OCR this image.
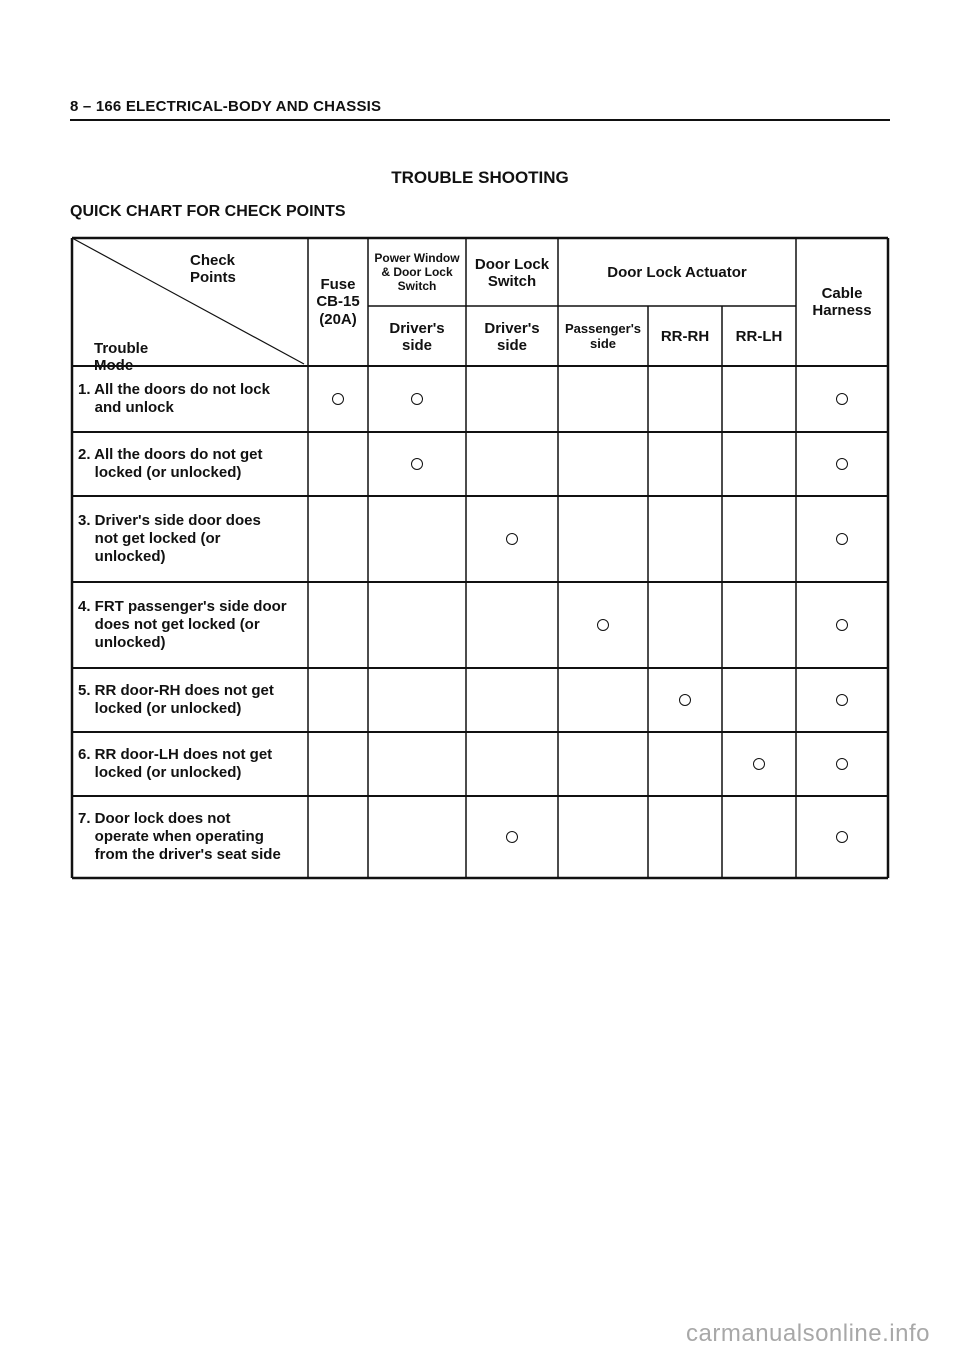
8 – 166 ELECTRICAL-BODY AND CHASSIS
TROUBLE SHOOTING
QUICK CHART FOR CHECK POINTS
Check Points
Trouble Mode
Fuse
CB-15
(20A)
Power Window
& Door Lock
Switch
Driver's
side
Door Lock
Switch
Driver's
side
Door Lock Actuator
Passenger's
side	RR-RH	RR-LH
Cable
Harness
1. All the doors do not lock
and unlock
2. All the doors do not get
locked (or unlocked)
3. Driver's side door does
not get locked (or
unlocked)
4. FRT passenger's side door
does not get locked (or
unlocked)
5. RR door-RH does not get
locked (or unlocked)
6. RR door-LH does not get
locked (or unlocked)
7. Door lock does not
operate when operating
from the driver's seat side
carmanualsonline.info
